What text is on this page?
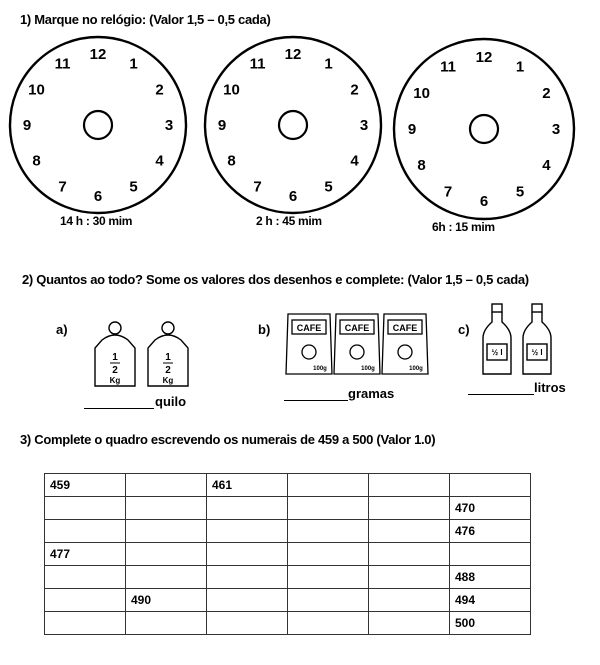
1) Marque no relógio: (Valor 1,5 – 0,5 cada)
12
1
2
3
4
5
6
7
8
9
10
11
12
1
2
3
4
5
6
7
8
9
10
11	12
1
2
3
4
5
6
7
8
9
10
11
14 h : 30 mim	2 h : 45 mim	6h : 15 mim
2) Quantos ao todo? Some os valores dos desenhos e complete: (Valor 1,5 – 0,5 cada)
a)
1
2
Kg
1
2
Kg
quilo
b)	CAFE	CAFE	CAFE
100g	100g	100g
gramas
c)
½ l	½ l
litros
3) Complete o quadro escrevendo os numerais de 459 a 500 (Valor 1.0)
459		461			
					470
					476
477					
					488
	490				494
					500
